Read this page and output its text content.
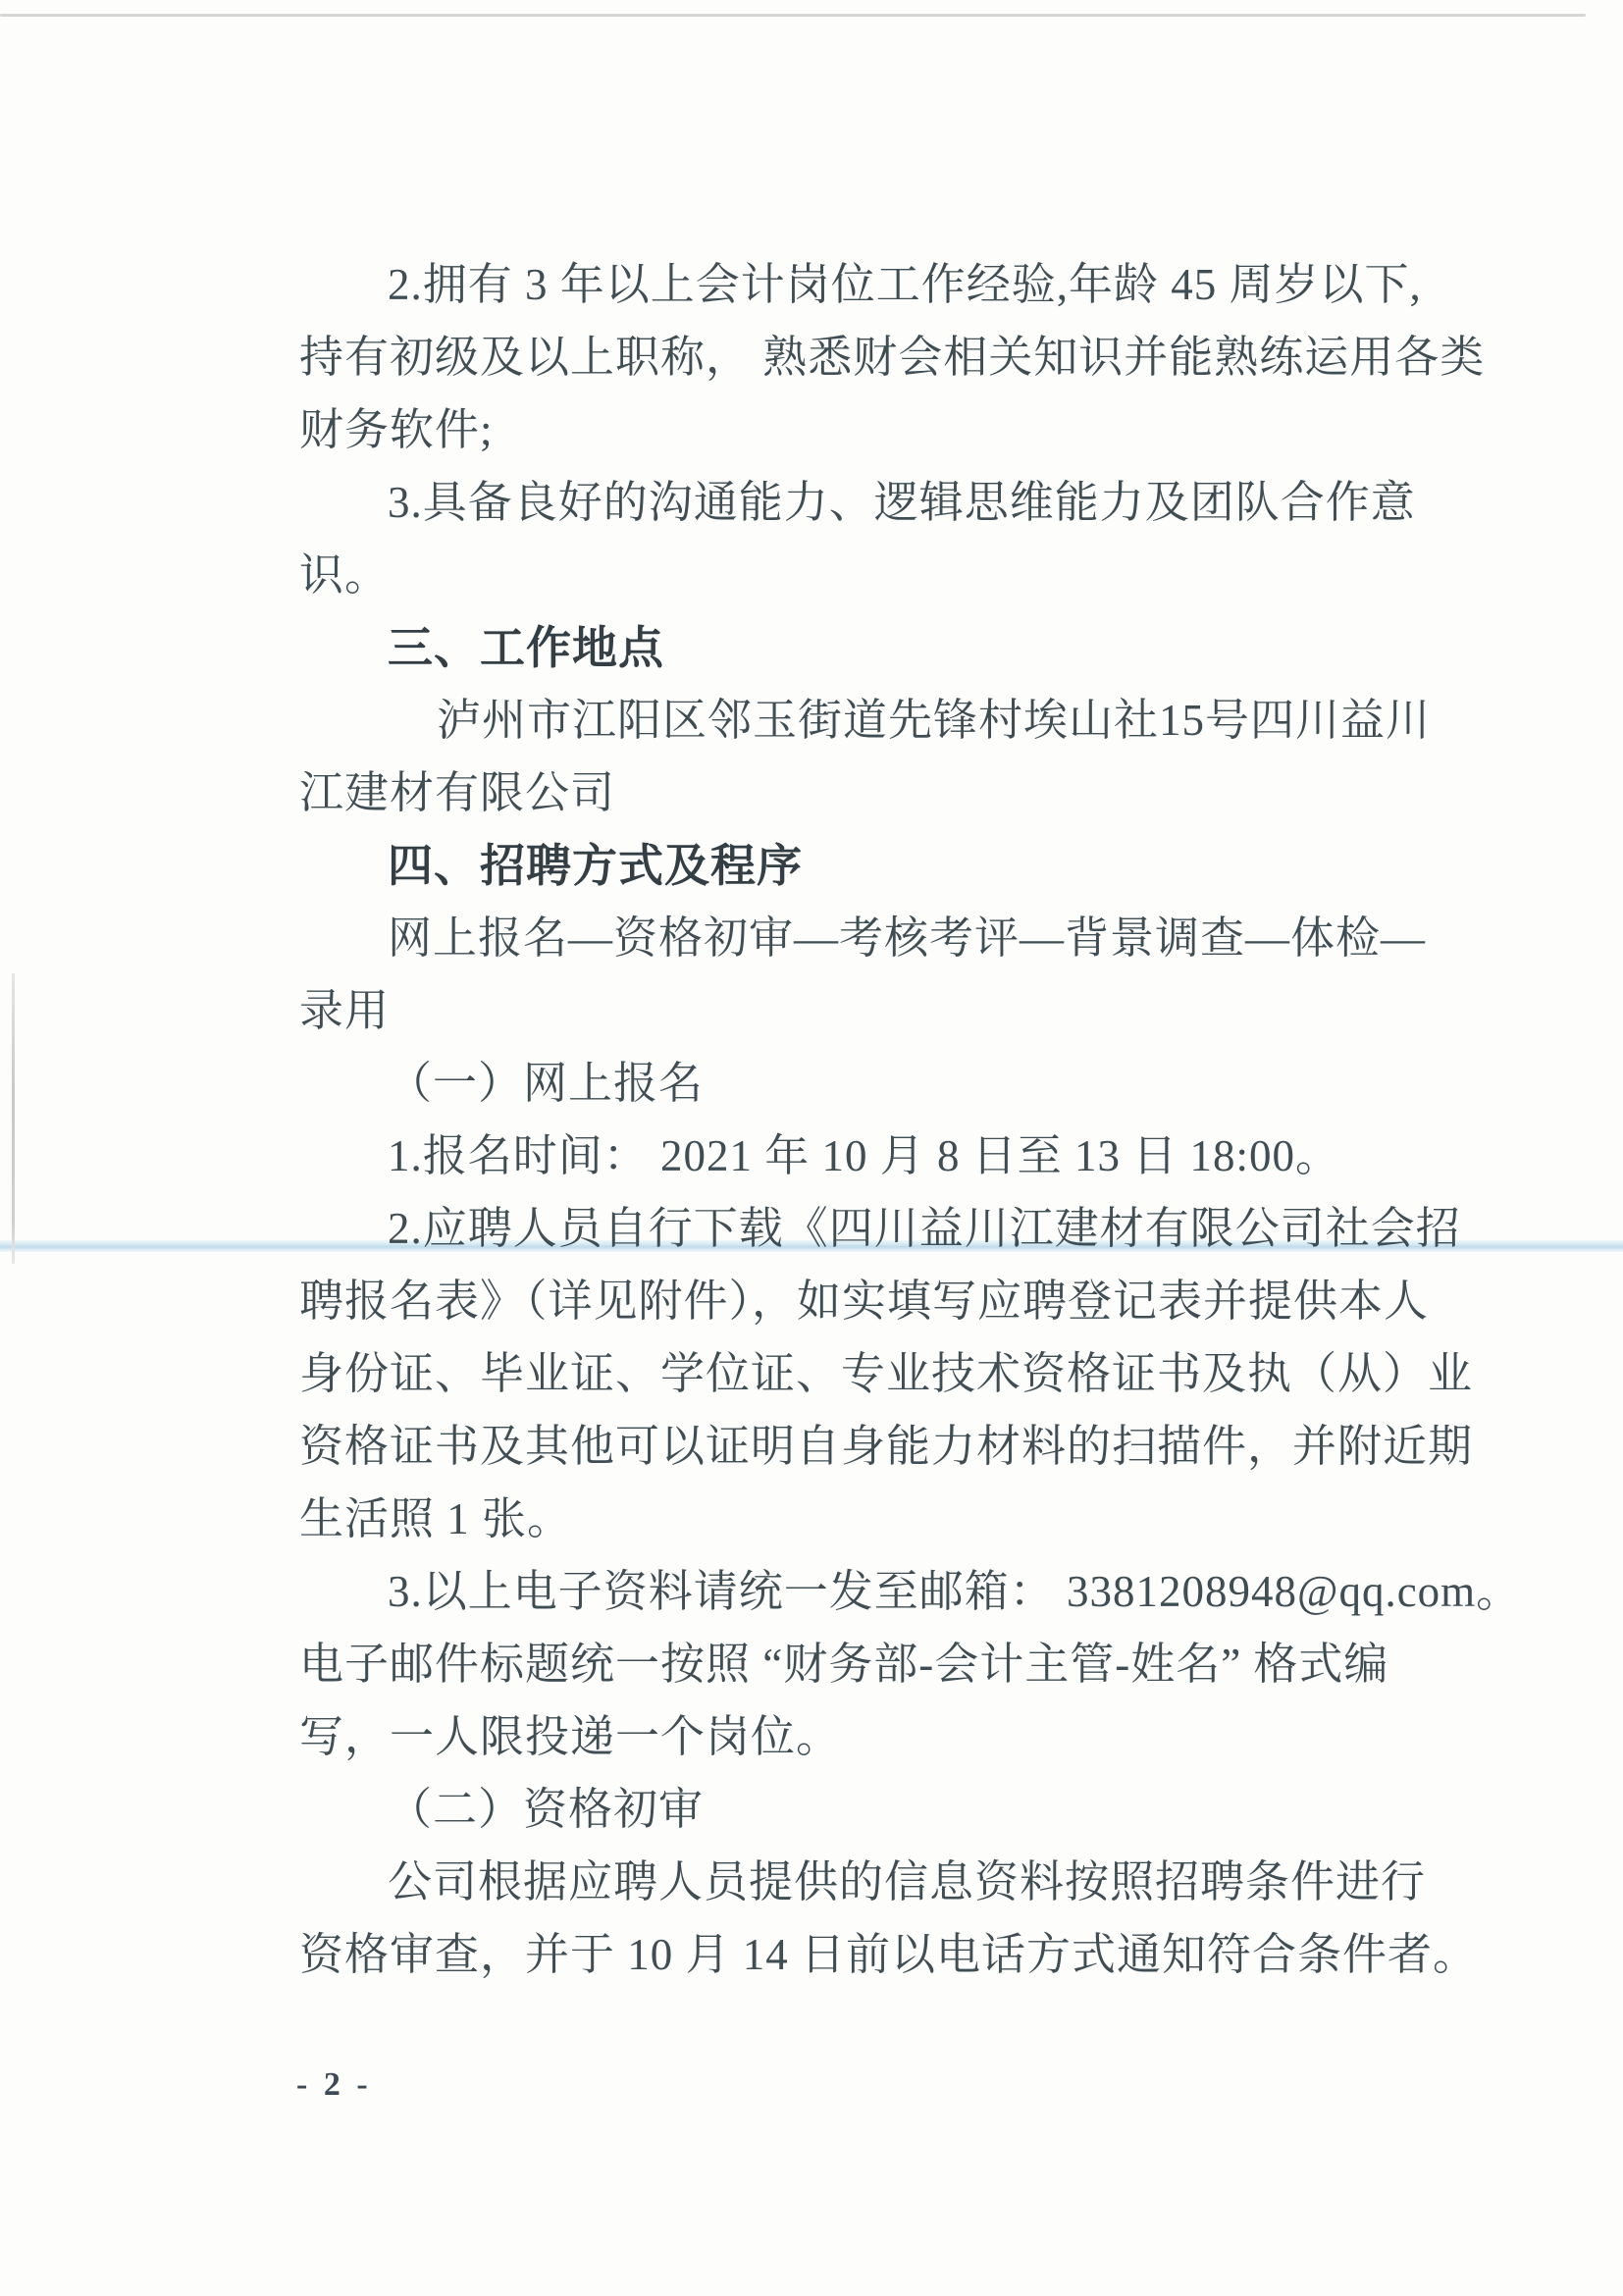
2.拥有 3 年以上会计岗位工作经验,年龄 45 周岁以下,

持有初级及以上职称， 熟悉财会相关知识并能熟练运用各类

财务软件;

3.具备良好的沟通能力、逻辑思维能力及团队合作意

识。

三、工作地点

泸州市江阳区邻玉街道先锋村埃山社15号四川益川

江建材有限公司

四、招聘方式及程序

网上报名—资格初审—考核考评—背景调查—体检—

录用

（一）网上报名

1.报名时间： 2021 年 10 月 8 日至 13 日 18:00。

2.应聘人员自行下载《四川益川江建材有限公司社会招

聘报名表》（详见附件），如实填写应聘登记表并提供本人

身份证、毕业证、学位证、专业技术资格证书及执（从）业

资格证书及其他可以证明自身能力材料的扫描件，并附近期

生活照 1 张。

3.以上电子资料请统一发至邮箱： 3381208948@qq.com。

电子邮件标题统一按照 “财务部-会计主管-姓名” 格式编

写，一人限投递一个岗位。

（二）资格初审

公司根据应聘人员提供的信息资料按照招聘条件进行

资格审查，并于 10 月 14 日前以电话方式通知符合条件者。

- 2 -
